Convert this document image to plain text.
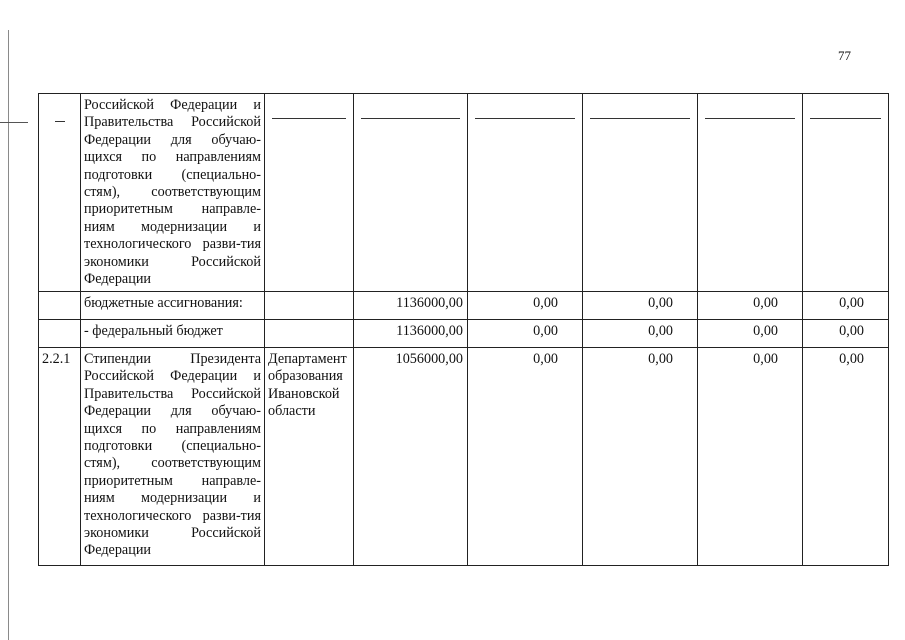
77
	Российской Федерации и Правительства Российской Федерации для обучаю-щихся по направлениям подготовки (специально-стям), соответствующим приоритетным направле-ниям модернизации и технологического разви-тия экономики Российской Федерации	

	бюджетные ассигнования:		1136000,00	0,00	0,00	0,00	0,00
	- федеральный бюджет		1136000,00	0,00	0,00	0,00	0,00
2.2.1	Стипендии Президента Российской Федерации и Правительства Российской Федерации для обучаю-щихся по направлениям подготовки (специально-стям), соответствующим приоритетным направле-ниям модернизации и технологического разви-тия экономики Российской Федерации	Департамент образования Ивановской области	1056000,00	0,00	0,00	0,00	0,00
